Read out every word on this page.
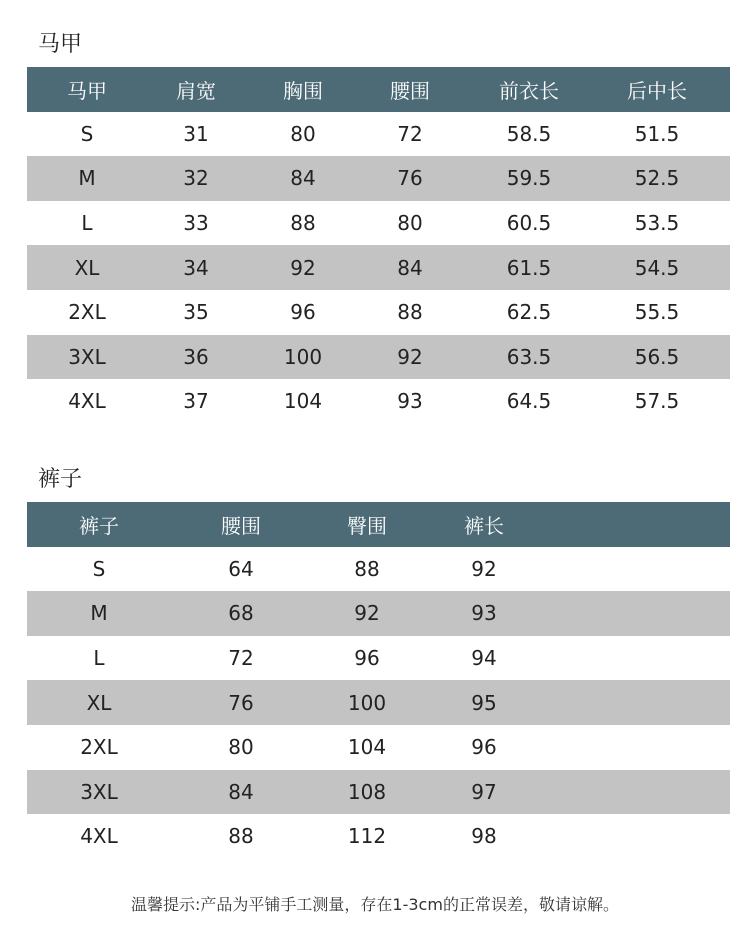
马甲
马甲	肩宽	胸围	腰围	前衣长	后中长
S	31	80	72	58.5	51.5
M	32	84	76	59.5	52.5
L	33	88	80	60.5	53.5
XL	34	92	84	61.5	54.5
2XL	35	96	88	62.5	55.5
3XL	36	100	92	63.5	56.5
4XL	37	104	93	64.5	57.5
裤子
裤子	腰围	臀围	裤长
S	64	88	92
M	68	92	93
L	72	96	94
XL	76	100	95
2XL	80	104	96
3XL	84	108	97
4XL	88	112	98
温馨提示:产品为平铺手工测量，存在1-3cm的正常误差，敬请谅解。
